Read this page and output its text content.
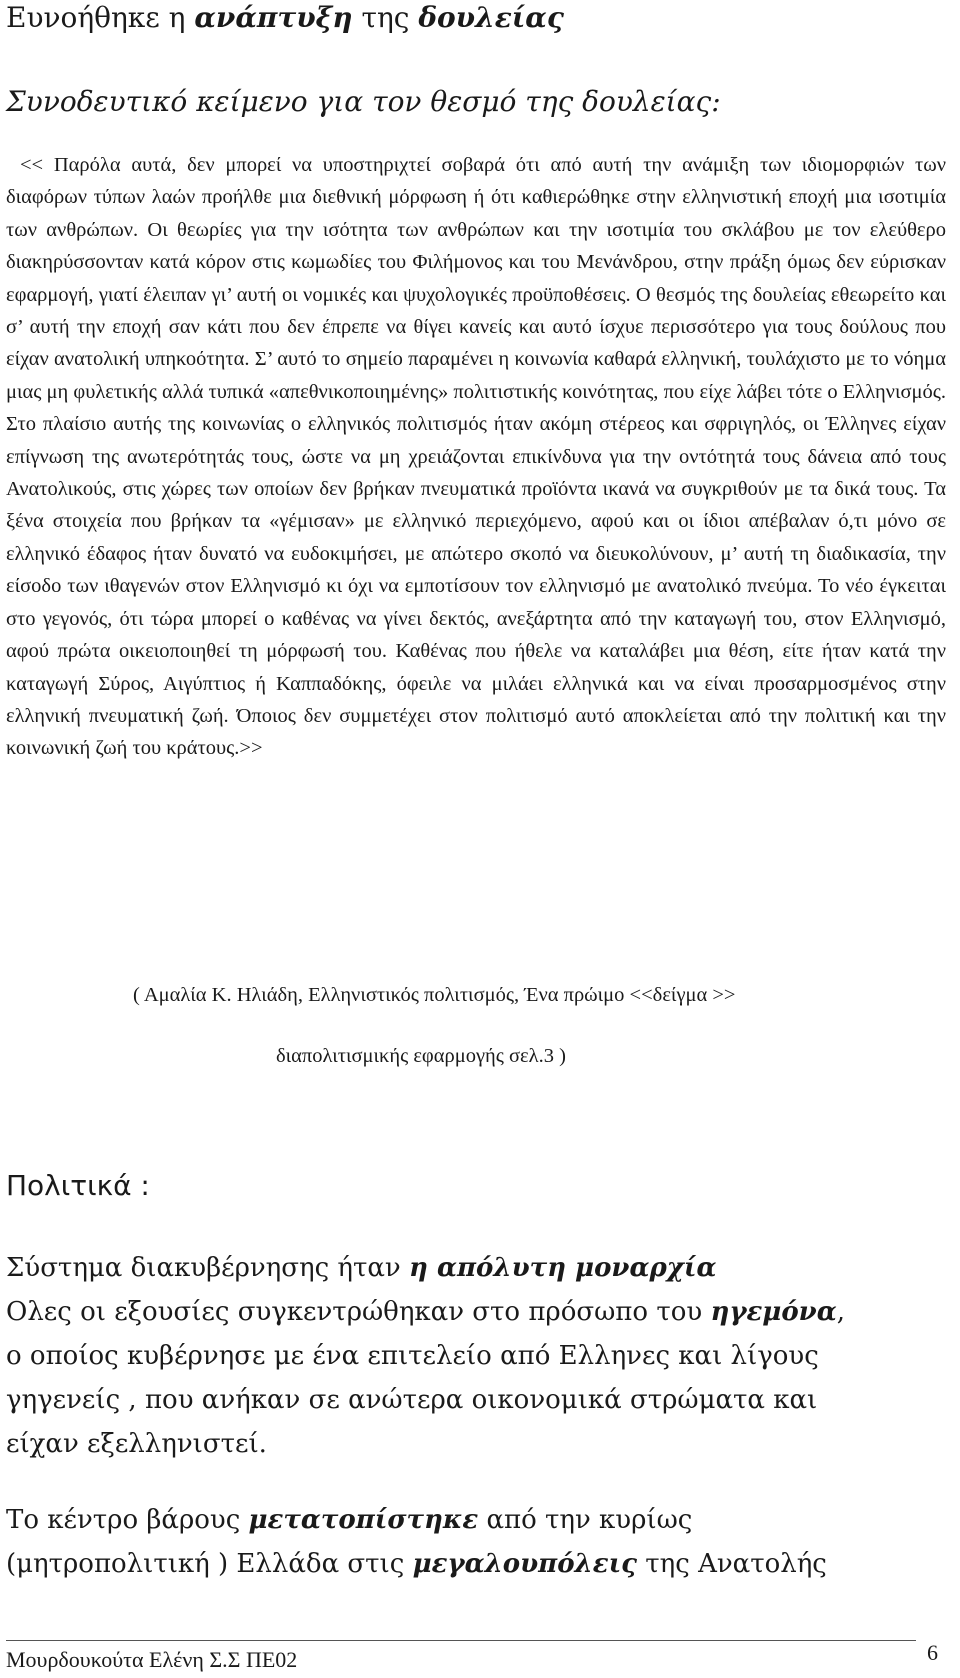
Ευνοήθηκε η ανάπτυξη της δουλείας
Συνοδευτικό κείμενο για τον θεσμό της δουλείας:
<< Παρόλα αυτά, δεν μπορεί να υποστηριχτεί σοβαρά ότι από αυτή την ανάμιξη των ιδιομορφιών των διαφόρων τύπων λαών προήλθε μια διεθνική μόρφωση ή ότι καθιερώθηκε στην ελληνιστική εποχή μια ισοτιμία των ανθρώπων. Οι θεωρίες για την ισότητα των ανθρώπων και την ισοτιμία του σκλάβου με τον ελεύθερο διακηρύσσονταν κατά κόρον στις κωμωδίες του Φιλήμονος και του Μενάνδρου, στην πράξη όμως δεν εύρισκαν εφαρμογή, γιατί έλειπαν γι’ αυτή οι νομικές και ψυχολογικές προϋποθέσεις. Ο θεσμός της δουλείας εθεωρείτο και σ’ αυτή την εποχή σαν κάτι που δεν έπρεπε να θίγει κανείς και αυτό ίσχυε περισσότερο για τους δούλους που είχαν ανατολική υπηκοότητα. Σ’ αυτό το σημείο παραμένει η κοινωνία καθαρά ελληνική, τουλάχιστο με το νόημα μιας μη φυλετικής αλλά τυπικά «απεθνικοποιημένης» πολιτιστικής κοινότητας, που είχε λάβει τότε ο Ελληνισμός. Στο πλαίσιο αυτής της κοινωνίας ο ελληνικός πολιτισμός ήταν ακόμη στέρεος και σφριγηλός, οι Έλληνες είχαν επίγνωση της ανωτερότητάς τους, ώστε να μη χρειάζονται επικίνδυνα για την οντότητά τους δάνεια από τους Ανατολικούς, στις χώρες των οποίων δεν βρήκαν πνευματικά προϊόντα ικανά να συγκριθούν με τα δικά τους. Τα ξένα στοιχεία που βρήκαν τα «γέμισαν» με ελληνικό περιεχόμενο, αφού και οι ίδιοι απέβαλαν ό,τι μόνο σε ελληνικό έδαφος ήταν δυνατό να ευδοκιμήσει, με απώτερο σκοπό να διευκολύνουν, μ’ αυτή τη διαδικασία, την είσοδο των ιθαγενών στον Ελληνισμό κι όχι να εμποτίσουν τον ελληνισμό με ανατολικό πνεύμα. Το νέο έγκειται στο γεγονός, ότι τώρα μπορεί ο καθένας να γίνει δεκτός, ανεξάρτητα από την καταγωγή του, στον Ελληνισμό, αφού πρώτα οικειοποιηθεί τη μόρφωσή του. Καθένας που ήθελε να καταλάβει μια θέση, είτε ήταν κατά την καταγωγή Σύρος, Αιγύπτιος ή Καππαδόκης, όφειλε να μιλάει ελληνικά και να είναι προσαρμοσμένος στην ελληνική πνευματική ζωή. Όποιος δεν συμμετέχει στον πολιτισμό αυτό αποκλείεται από την πολιτική και την κοινωνική ζωή του κράτους.>>
( Αμαλία Κ. Ηλιάδη, Ελληνιστικός πολιτισμός, Ένα πρώιμο <<δείγμα >>
διαπολιτισμικής εφαρμογής σελ.3 )
Πολιτικά :

Σύστημα διακυβέρνησης ήταν η απόλυτη μοναρχία

Ολες οι εξουσίες συγκεντρώθηκαν στο πρόσωπο του ηγεμόνα,

ο οποίος κυβέρνησε με ένα επιτελείο από Ελληνες και λίγους

γηγενείς , που ανήκαν σε ανώτερα οικονομικά στρώματα και

είχαν εξελληνιστεί.

Το κέντρο βάρους μετατοπίστηκε από την κυρίως

(μητροπολιτική ) Ελλάδα στις μεγαλουπόλεις της Ανατολής

Μουρδουκούτα Ελένη Σ.Σ ΠΕ02	6
